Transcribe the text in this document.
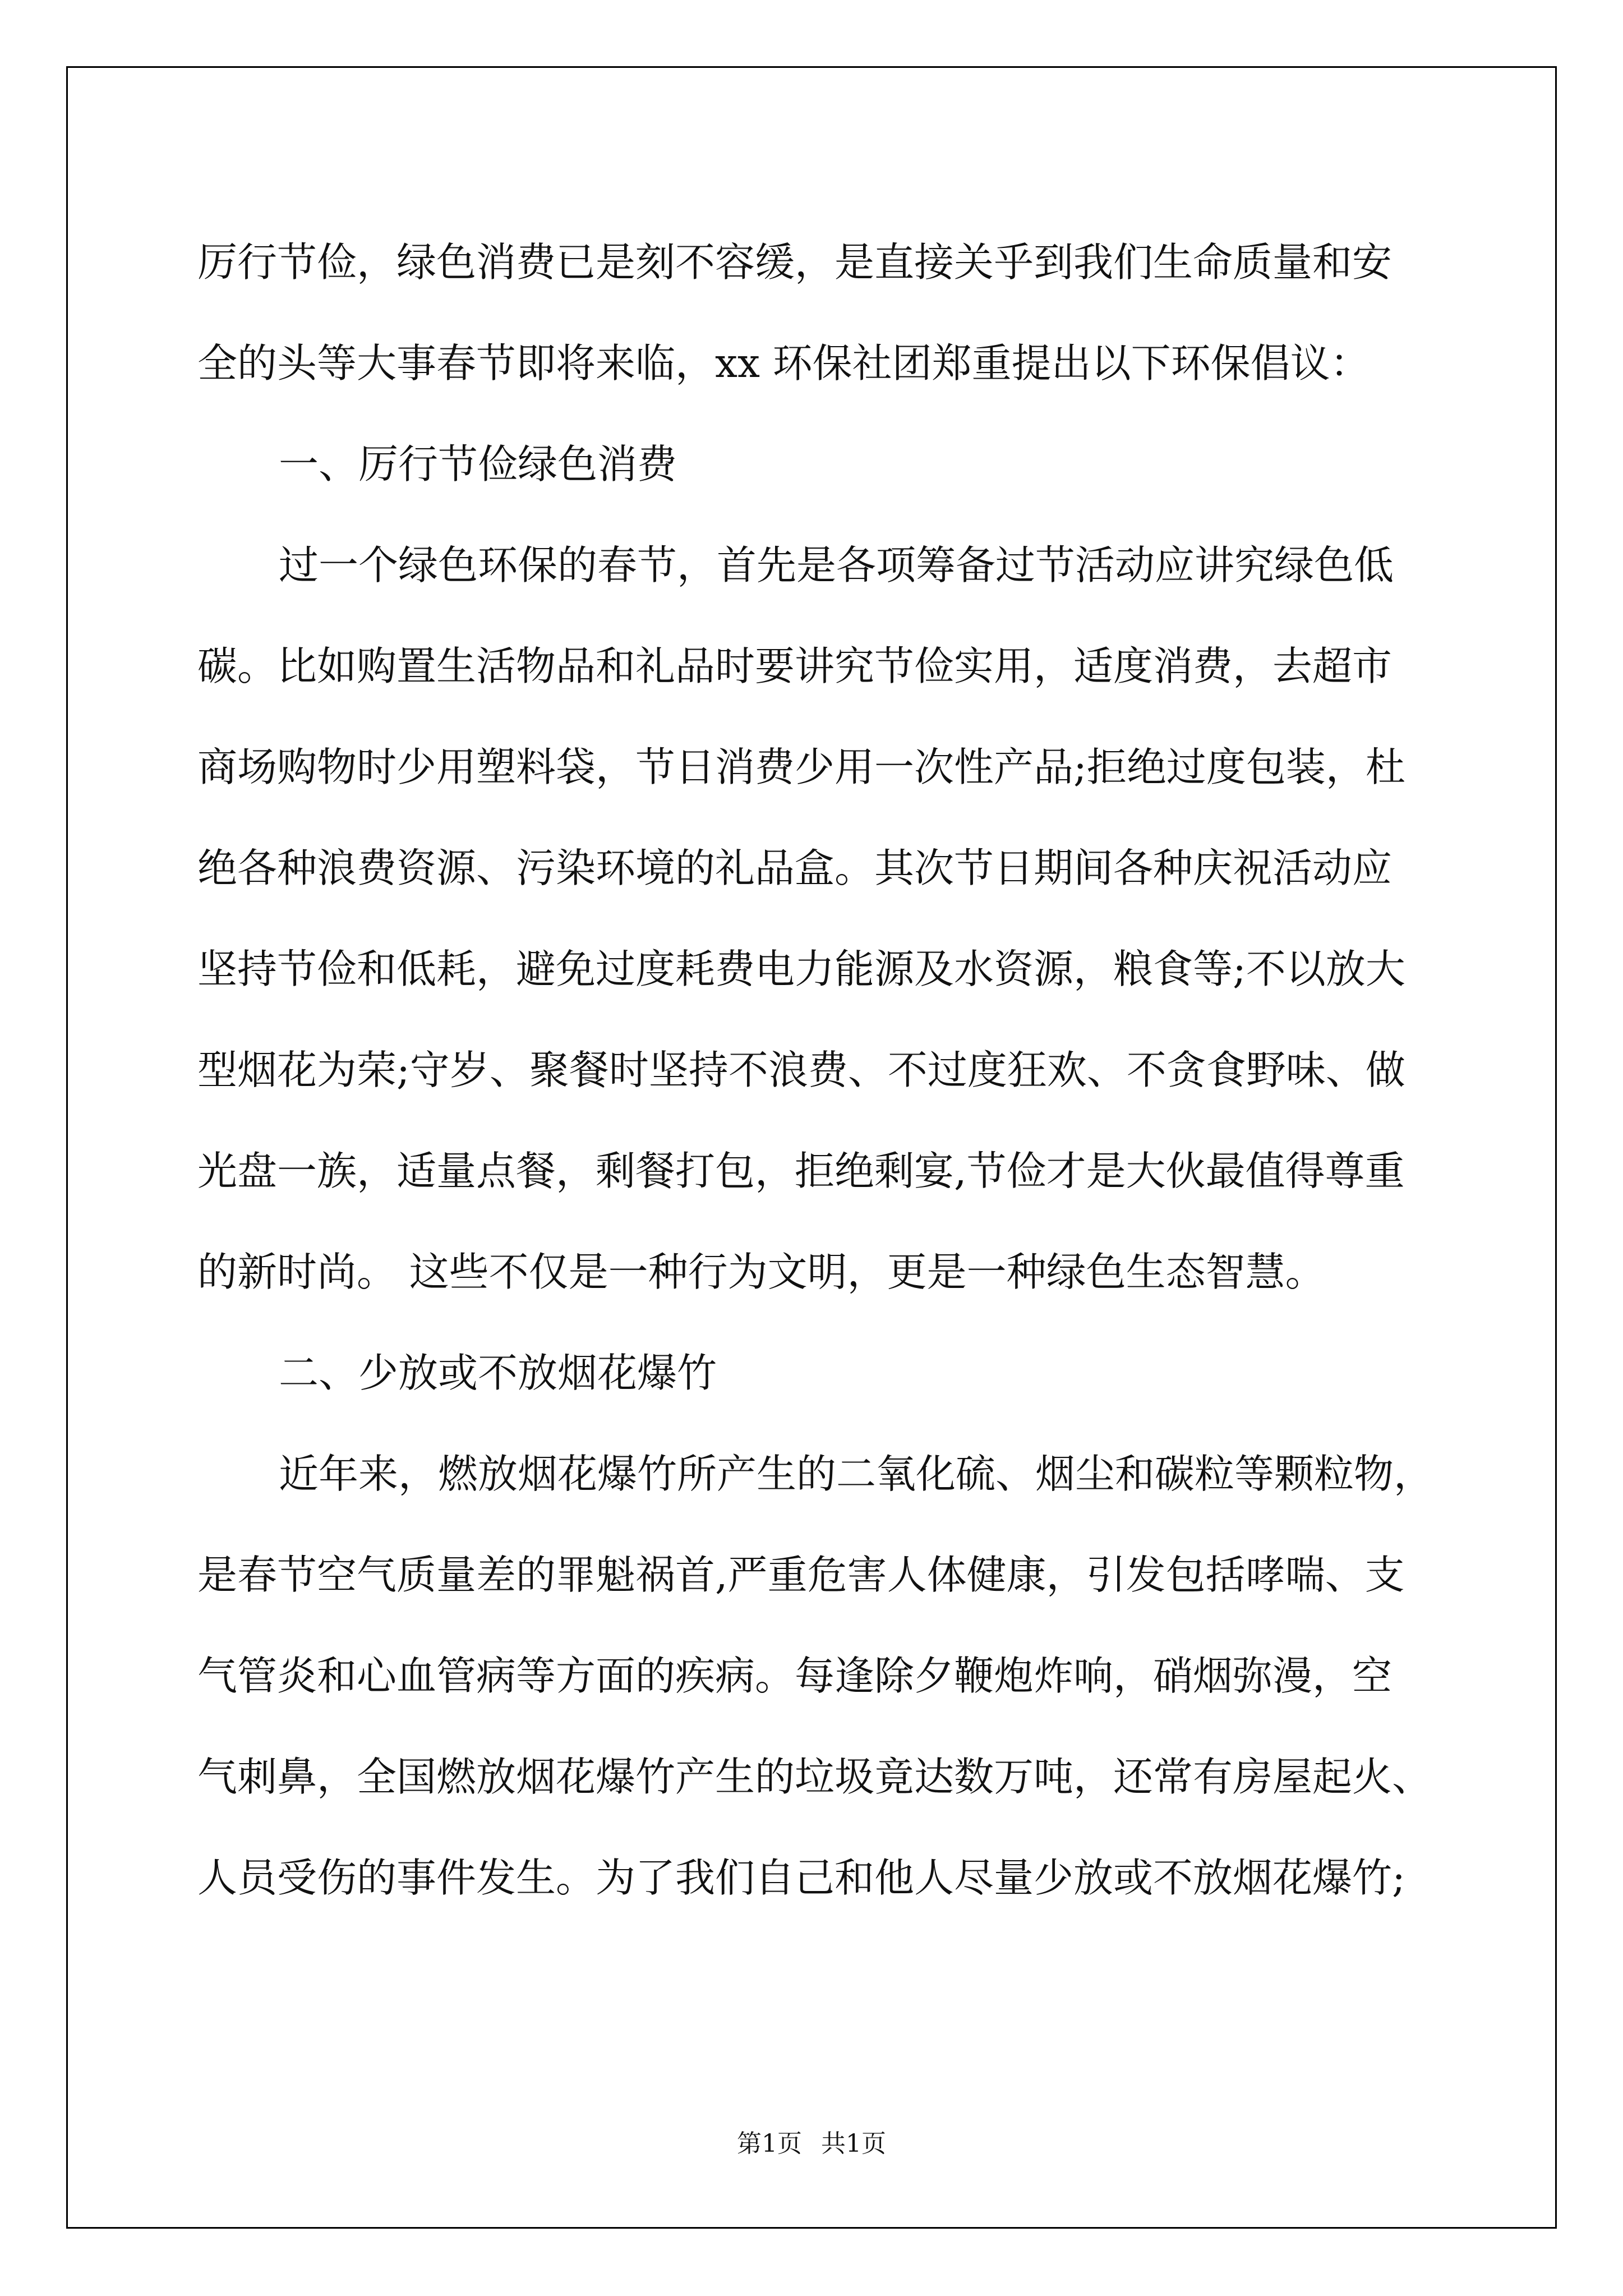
厉行节俭，绿色消费已是刻不容缓，是直接关乎到我们生命质量和安

全的头等大事春节即将来临，xx 环保社团郑重提出以下环保倡议：

一、厉行节俭绿色消费

过一个绿色环保的春节，首先是各项筹备过节活动应讲究绿色低

碳。比如购置生活物品和礼品时要讲究节俭实用，适度消费，去超市

商场购物时少用塑料袋，节日消费少用一次性产品;拒绝过度包装，杜

绝各种浪费资源、污染环境的礼品盒。其次节日期间各种庆祝活动应

坚持节俭和低耗，避免过度耗费电力能源及水资源，粮食等;不以放大

型烟花为荣;守岁、聚餐时坚持不浪费、不过度狂欢、不贪食野味、做

光盘一族，适量点餐，剩餐打包，拒绝剩宴,节俭才是大伙最值得尊重

的新时尚。 这些不仅是一种行为文明，更是一种绿色生态智慧。

二、少放或不放烟花爆竹

近年来，燃放烟花爆竹所产生的二氧化硫、烟尘和碳粒等颗粒物，

是春节空气质量差的罪魁祸首,严重危害人体健康，引发包括哮喘、支

气管炎和心血管病等方面的疾病。每逢除夕鞭炮炸响，硝烟弥漫，空

气刺鼻，全国燃放烟花爆竹产生的垃圾竟达数万吨，还常有房屋起火、

人员受伤的事件发生。为了我们自己和他人尽量少放或不放烟花爆竹;

第1页 共1页
